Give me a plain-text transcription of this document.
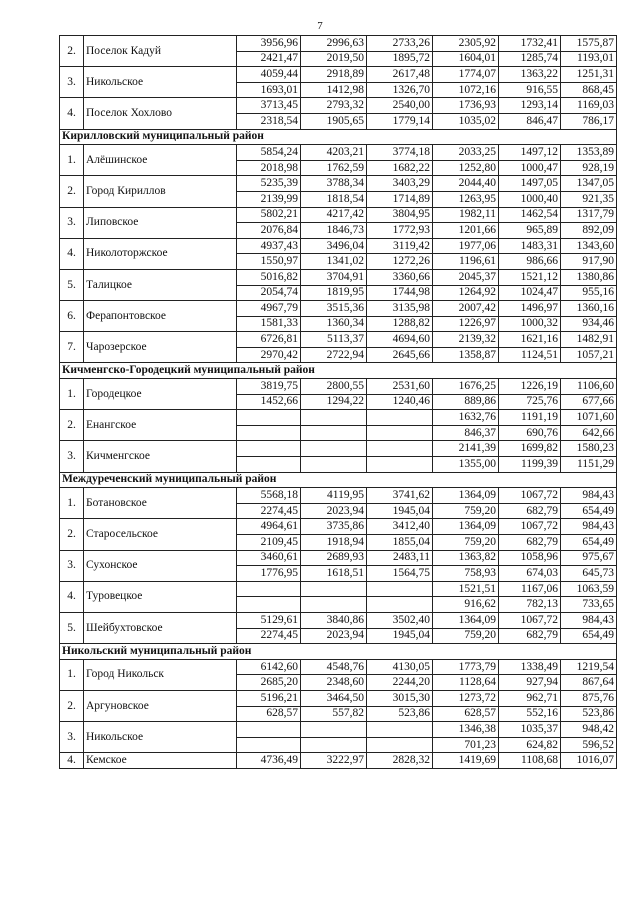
7
2.	Поселок Кадуй	3956,96	2996,63	2733,26	2305,92	1732,41	1575,87
		2421,47	2019,50	1895,72	1604,01	1285,74	1193,01
3.	Никольское	4059,44	2918,89	2617,48	1774,07	1363,22	1251,31
		1693,01	1412,98	1326,70	1072,16	916,55	868,45
4.	Поселок Хохлово	3713,45	2793,32	2540,00	1736,93	1293,14	1169,03
		2318,54	1905,65	1779,14	1035,02	846,47	786,17
Кирилловский муниципальный район							
1.	Алёшинское	5854,24	4203,21	3774,18	2033,25	1497,12	1353,89
		2018,98	1762,59	1682,22	1252,80	1000,47	928,19
2.	Город Кириллов	5235,39	3788,34	3403,29	2044,40	1497,05	1347,05
		2139,99	1818,54	1714,89	1263,95	1000,40	921,35
3.	Липовское	5802,21	4217,42	3804,95	1982,11	1462,54	1317,79
		2076,84	1846,73	1772,93	1201,66	965,89	892,09
4.	Николоторжское	4937,43	3496,04	3119,42	1977,06	1483,31	1343,60
		1550,97	1341,02	1272,26	1196,61	986,66	917,90
5.	Талицкое	5016,82	3704,91	3360,66	2045,37	1521,12	1380,86
		2054,74	1819,95	1744,98	1264,92	1024,47	955,16
6.	Ферапонтовское	4967,79	3515,36	3135,98	2007,42	1496,97	1360,16
		1581,33	1360,34	1288,82	1226,97	1000,32	934,46
7.	Чарозерское	6726,81	5113,37	4694,60	2139,32	1621,16	1482,91
		2970,42	2722,94	2645,66	1358,87	1124,51	1057,21
Кичменгско-Городецкий муниципальный район							
1.	Городецкое	3819,75	2800,55	2531,60	1676,25	1226,19	1106,60
		1452,66	1294,22	1240,46	889,86	725,76	677,66
2.	Енангское				1632,76	1191,19	1071,60
					846,37	690,76	642,66
3.	Кичменгское				2141,39	1699,82	1580,23
					1355,00	1199,39	1151,29
Междуреченский муниципальный район							
1.	Ботановское	5568,18	4119,95	3741,62	1364,09	1067,72	984,43
		2274,45	2023,94	1945,04	759,20	682,79	654,49
2.	Старосельское	4964,61	3735,86	3412,40	1364,09	1067,72	984,43
		2109,45	1918,94	1855,04	759,20	682,79	654,49
3.	Сухонское	3460,61	2689,93	2483,11	1363,82	1058,96	975,67
		1776,95	1618,51	1564,75	758,93	674,03	645,73
4.	Туровецкое				1521,51	1167,06	1063,59
					916,62	782,13	733,65
5.	Шейбухтовское	5129,61	3840,86	3502,40	1364,09	1067,72	984,43
		2274,45	2023,94	1945,04	759,20	682,79	654,49
Никольский муниципальный район							
1.	Город Никольск	6142,60	4548,76	4130,05	1773,79	1338,49	1219,54
		2685,20	2348,60	2244,20	1128,64	927,94	867,64
2.	Аргуновское	5196,21	3464,50	3015,30	1273,72	962,71	875,76
		628,57	557,82	523,86	628,57	552,16	523,86
3.	Никольское				1346,38	1035,37	948,42
					701,23	624,82	596,52
4.	Кемское	4736,49	3222,97	2828,32	1419,69	1108,68	1016,07
